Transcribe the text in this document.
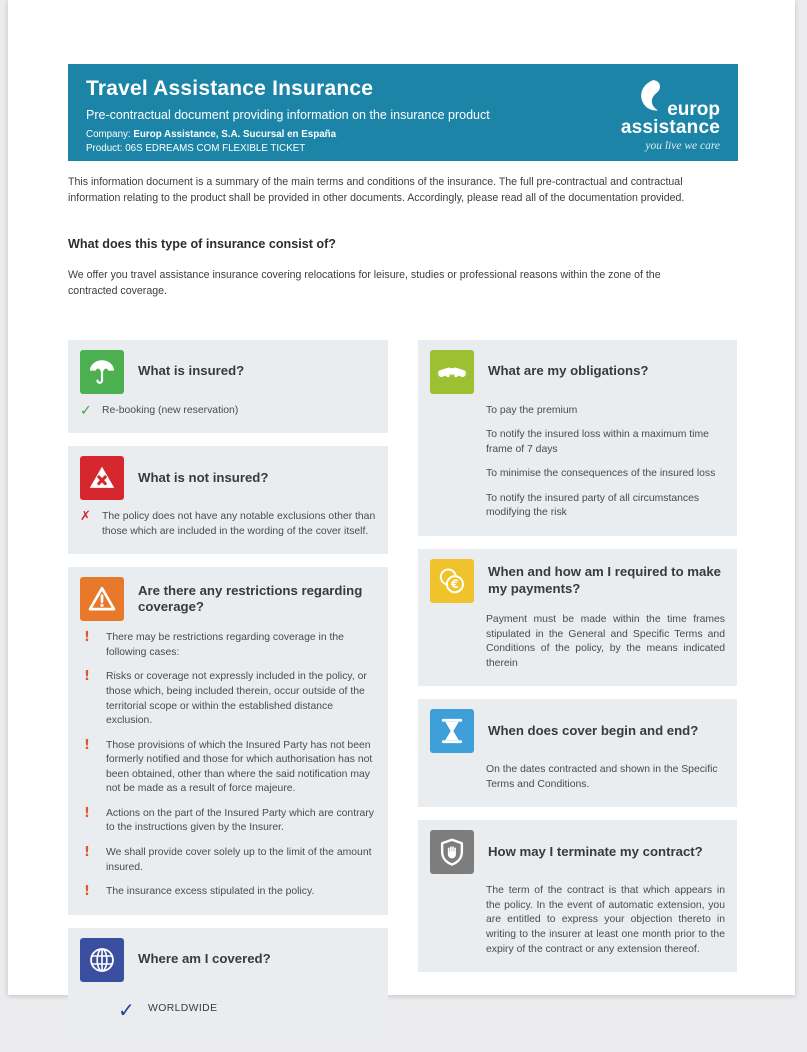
Travel Assistance Insurance
Pre-contractual document providing information on the insurance product
Company: Europ Assistance, S.A. Sucursal en España
Product: 06S EDREAMS COM FLEXIBLE TICKET
europ
assistance
you live we care
This information document is a summary of the main terms and conditions of the insurance. The full pre-contractual and contractual information relating to the product shall be provided in other documents. Accordingly, please read all of the documentation provided.
What does this type of insurance consist of?
We offer you travel assistance insurance covering relocations for leisure, studies or professional reasons within the zone of the contracted coverage.
What is insured?
✓ Re-booking (new reservation)
What is not insured?
✗	The policy does not have any notable exclusions other than those which are included in the wording of the cover itself.
Are there any restrictions regarding coverage?
!	There may be restrictions regarding coverage in the following cases:
!	Risks or coverage not expressly included in the policy, or those which, being included therein, occur outside of the territorial scope or within the established distance exclusion.
!	Those provisions of which the Insured Party has not been formerly notified and those for which authorisation has not been obtained, other than where the said notification may not be made as a result of force majeure.
!	Actions on the part of the Insured Party which are contrary to the instructions given by the Insurer.
!	We shall provide cover solely up to the limit of the amount insured.
!	The insurance excess stipulated in the policy.
Where am I covered?
✓	WORLDWIDE
What are my obligations?
To pay the premium
To notify the insured loss within a maximum time frame of 7 days
To minimise the consequences of the insured loss
To notify the insured party of all circumstances modifying the risk
€
When and how am I required to make my payments?
Payment must be made within the time frames stipulated in the General and Specific Terms and Conditions of the policy, by the means indicated therein
When does cover begin and end?
On the dates contracted and shown in the Specific Terms and Conditions.
How may I terminate my contract?
The term of the contract is that which appears in the policy. In the event of automatic extension, you are entitled to express your objection thereto in writing to the insurer at least one month prior to the expiry of the contract or any extension thereof.
